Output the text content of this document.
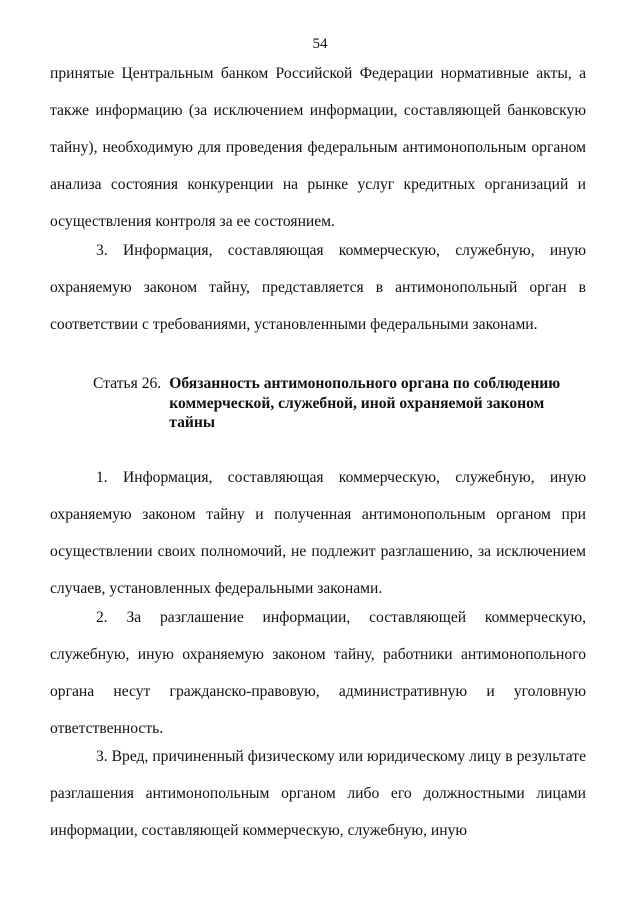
54
принятые Центральным банком Российской Федерации нормативные акты, а также информацию (за исключением информации, составляющей банковскую тайну), необходимую для проведения федеральным антимонопольным органом анализа состояния конкуренции на рынке услуг кредитных организаций и осуществления контроля за ее состоянием.
3. Информация, составляющая коммерческую, служебную, иную охраняемую законом тайну, представляется в антимонопольный орган в соответствии с требованиями, установленными федеральными законами.
Статья 26. Обязанность антимонопольного органа по соблюдению коммерческой, служебной, иной охраняемой законом тайны
1. Информация, составляющая коммерческую, служебную, иную охраняемую законом тайну и полученная антимонопольным органом при осуществлении своих полномочий, не подлежит разглашению, за исключением случаев, установленных федеральными законами.
2. За разглашение информации, составляющей коммерческую, служебную, иную охраняемую законом тайну, работники антимонопольного органа несут гражданско-правовую, административную и уголовную ответственность.
3. Вред, причиненный физическому или юридическому лицу в результате разглашения антимонопольным органом либо его должностными лицами информации, составляющей коммерческую, служебную, иную
